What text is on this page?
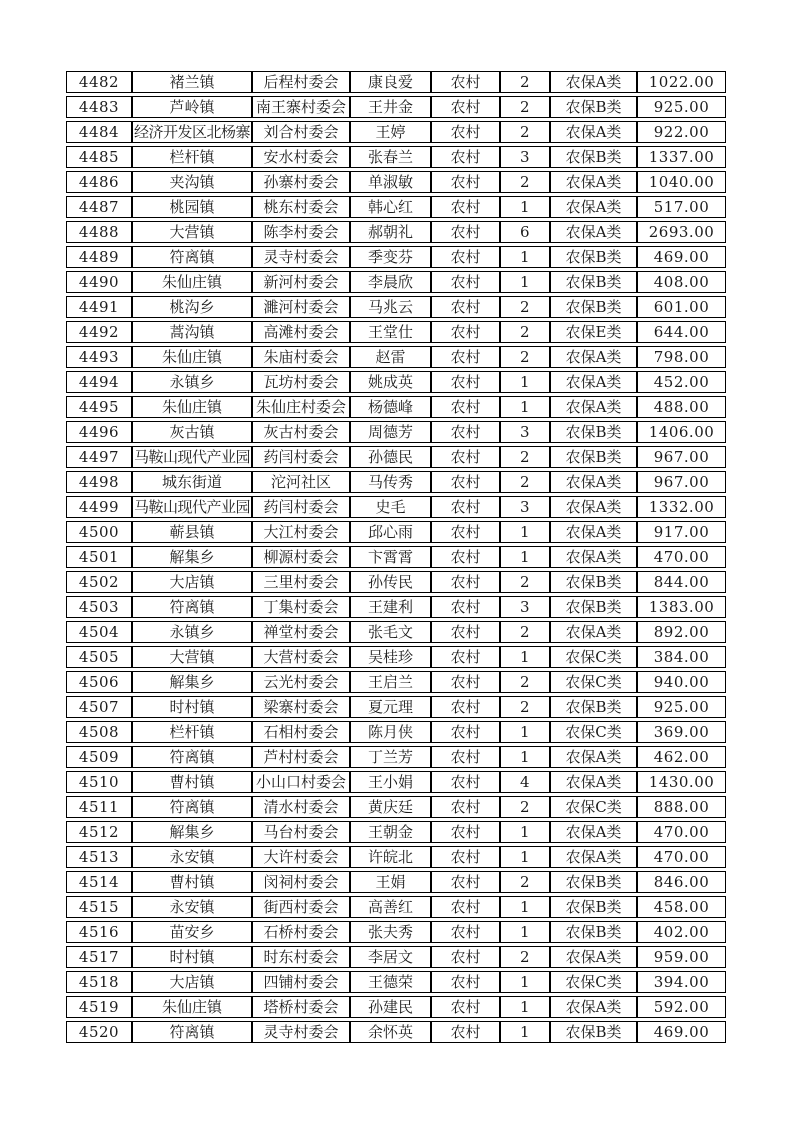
4482	褚兰镇	后程村委会	康良爱	农村	2	农保A类	1022.00
4483	芦岭镇	南王寨村委会	王井金	农村	2	农保B类	925.00
4484	经济开发区北杨寨	刘合村委会	王婷	农村	2	农保A类	922.00
4485	栏杆镇	安水村委会	张春兰	农村	3	农保B类	1337.00
4486	夹沟镇	孙寨村委会	单淑敏	农村	2	农保A类	1040.00
4487	桃园镇	桃东村委会	韩心红	农村	1	农保A类	517.00
4488	大营镇	陈李村委会	郝朝礼	农村	6	农保A类	2693.00
4489	符离镇	灵寺村委会	季变芬	农村	1	农保B类	469.00
4490	朱仙庄镇	新河村委会	李晨欣	农村	1	农保B类	408.00
4491	桃沟乡	濉河村委会	马兆云	农村	2	农保B类	601.00
4492	蒿沟镇	高滩村委会	王堂仕	农村	2	农保E类	644.00
4493	朱仙庄镇	朱庙村委会	赵雷	农村	2	农保A类	798.00
4494	永镇乡	瓦坊村委会	姚成英	农村	1	农保A类	452.00
4495	朱仙庄镇	朱仙庄村委会	杨德峰	农村	1	农保A类	488.00
4496	灰古镇	灰古村委会	周德芳	农村	3	农保B类	1406.00
4497	马鞍山现代产业园	药闫村委会	孙德民	农村	2	农保B类	967.00
4498	城东街道	沱河社区	马传秀	农村	2	农保A类	967.00
4499	马鞍山现代产业园	药闫村委会	史毛	农村	3	农保A类	1332.00
4500	蕲县镇	大江村委会	邱心雨	农村	1	农保A类	917.00
4501	解集乡	柳源村委会	卞霄霄	农村	1	农保A类	470.00
4502	大店镇	三里村委会	孙传民	农村	2	农保B类	844.00
4503	符离镇	丁集村委会	王建利	农村	3	农保B类	1383.00
4504	永镇乡	禅堂村委会	张毛文	农村	2	农保A类	892.00
4505	大营镇	大营村委会	吴桂珍	农村	1	农保C类	384.00
4506	解集乡	云光村委会	王启兰	农村	2	农保C类	940.00
4507	时村镇	梁寨村委会	夏元理	农村	2	农保B类	925.00
4508	栏杆镇	石相村委会	陈月侠	农村	1	农保C类	369.00
4509	符离镇	芦村村委会	丁兰芳	农村	1	农保A类	462.00
4510	曹村镇	小山口村委会	王小娟	农村	4	农保A类	1430.00
4511	符离镇	清水村委会	黄庆廷	农村	2	农保C类	888.00
4512	解集乡	马台村委会	王朝金	农村	1	农保A类	470.00
4513	永安镇	大许村委会	许皖北	农村	1	农保A类	470.00
4514	曹村镇	闵祠村委会	王娟	农村	2	农保B类	846.00
4515	永安镇	街西村委会	高善红	农村	1	农保B类	458.00
4516	苗安乡	石桥村委会	张夫秀	农村	1	农保B类	402.00
4517	时村镇	时东村委会	李居文	农村	2	农保A类	959.00
4518	大店镇	四铺村委会	王德荣	农村	1	农保C类	394.00
4519	朱仙庄镇	塔桥村委会	孙建民	农村	1	农保A类	592.00
4520	符离镇	灵寺村委会	余怀英	农村	1	农保B类	469.00
